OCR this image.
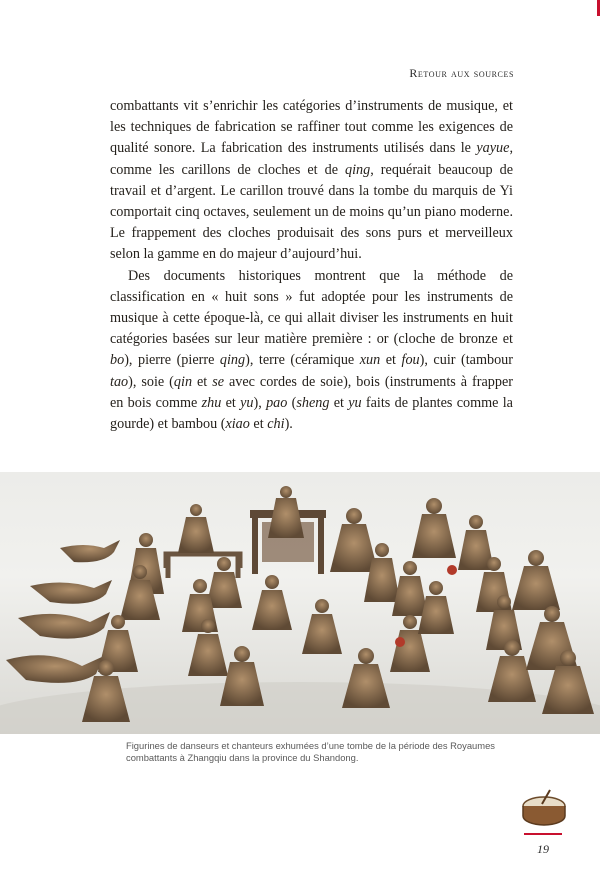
Retour aux sources

combattants vit s’enrichir les catégories d’instruments de musique, et les techniques de fabrication se raffiner tout comme les exigences de qualité sonore. La fabrication des instruments utilisés dans le yayue, comme les carillons de cloches et de qing, requérait beaucoup de travail et d’argent. Le carillon trouvé dans la tombe du marquis de Yi comportait cinq octaves, seulement un de moins qu’un piano moderne. Le frappement des cloches produisait des sons purs et merveilleux selon la gamme en do majeur d’aujourd’hui.

Des documents historiques montrent que la méthode de classification en « huit sons » fut adoptée pour les instruments de musique à cette époque-là, ce qui allait diviser les instruments en huit catégories basées sur leur matière première : or (cloche de bronze et bo), pierre (pierre qing), terre (céramique xun et fou), cuir (tambour tao), soie (qin et se avec cordes de soie), bois (instruments à frapper en bois comme zhu et yu), pao (sheng et yu faits de plantes comme la gourde) et bambou (xiao et chi).

Figurines de danseurs et chanteurs exhumées d’une tombe de la période des Royaumes combattants à Zhangqiu dans la province du Shandong.
19
